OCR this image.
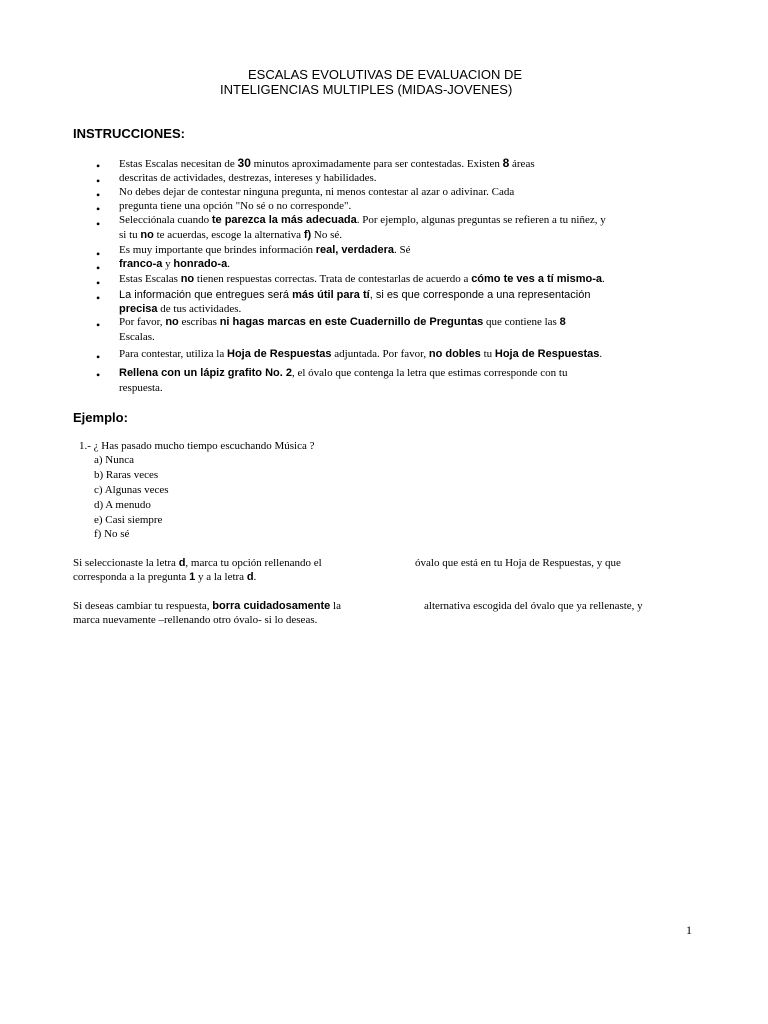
ESCALAS EVOLUTIVAS DE EVALUACION DE
INTELIGENCIAS MULTIPLES (MIDAS-JOVENES)
INSTRUCCIONES:
• Estas Escalas necesitan de 30 minutos aproximadamente para ser contestadas. Existen 8 áreas
• descritas de actividades, destrezas, intereses y habilidades.
• No debes dejar de contestar ninguna pregunta, ni menos contestar al azar o adivinar. Cada
• pregunta tiene una opción "No sé o no corresponde".
• Selecciónala cuando te parezca la más adecuada. Por ejemplo, algunas preguntas se refieren a tu niñez, y
si tu no te acuerdas, escoge la alternativa f) No sé.
• Es muy importante que brindes información real, verdadera. Sé
• franco-a y honrado-a.
• Estas Escalas no tienen respuestas correctas. Trata de contestarlas de acuerdo a cómo te ves a tí mismo-a.
• La información que entregues será más útil para tí, si es que corresponde a una representación
precisa de tus actividades.
• Por favor, no escribas ni hagas marcas en este Cuadernillo de Preguntas que contiene las 8
Escalas.
• Para contestar, utiliza la Hoja de Respuestas adjuntada. Por favor, no dobles tu Hoja de Respuestas.
• Rellena con un lápiz grafito No. 2, el óvalo que contenga la letra que estimas corresponde con tu
respuesta.
Ejemplo:
1.- ¿ Has pasado mucho tiempo escuchando Música ?
a) Nunca
b) Raras veces
c) Algunas veces
d) A menudo
e) Casi siempre
f) No sé
Si seleccionaste la letra d, marca tu opción rellenando el	óvalo que está en tu Hoja de Respuestas, y que
corresponda a la pregunta 1 y a la letra d.
Si deseas cambiar tu respuesta, borra cuidadosamente la	alternativa escogida del óvalo que ya rellenaste, y
marca nuevamente –rellenando otro óvalo- si lo deseas.
1
